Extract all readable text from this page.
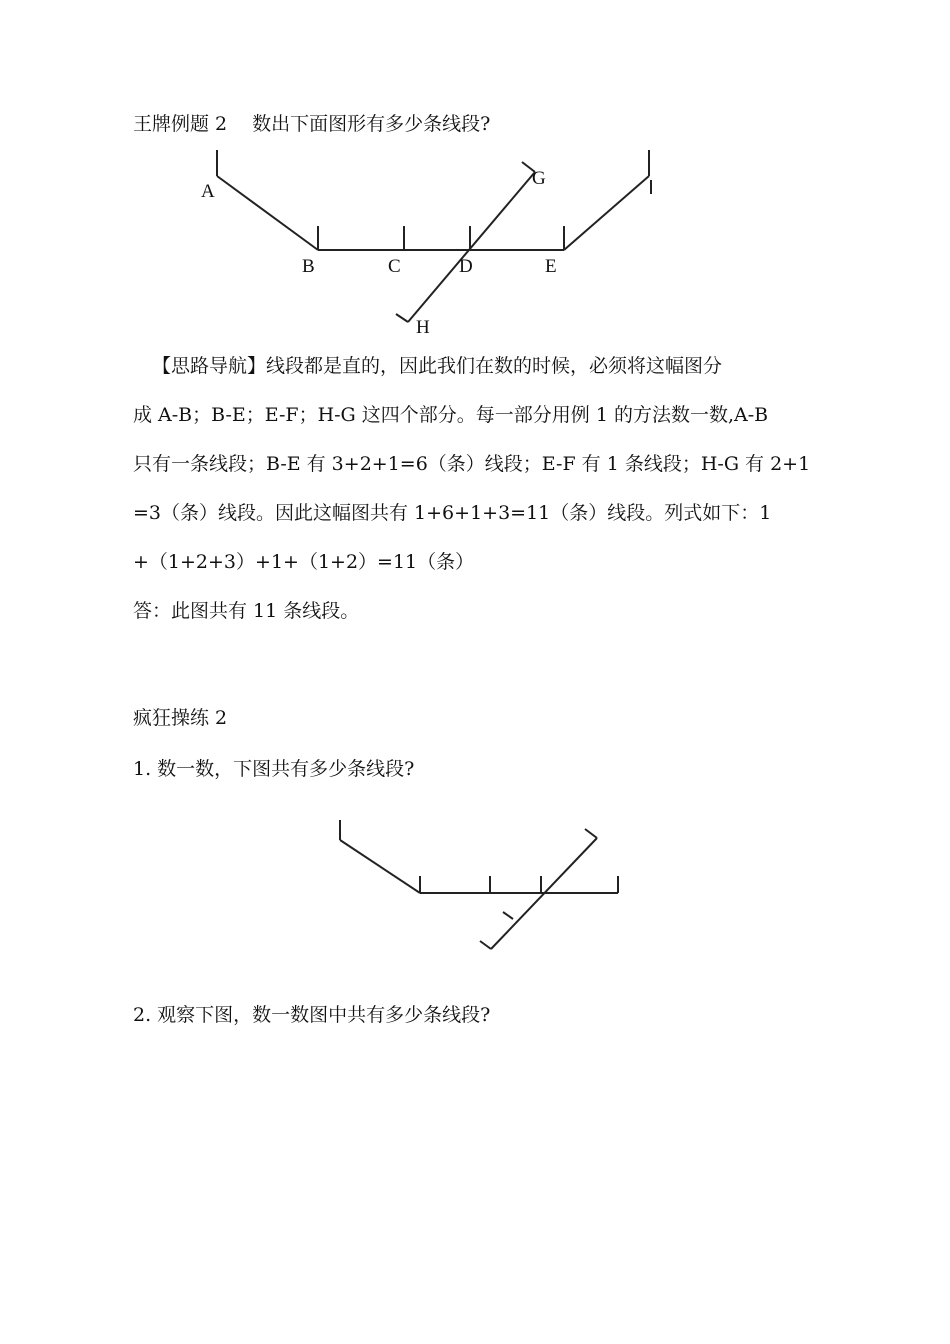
王牌例题 2　 数出下面图形有多少条线段?
A
B	C	D	E
G
H
【思路导航】线段都是直的，因此我们在数的时候，必须将这幅图分
成 A-B；B-E；E-F；H-G 这四个部分。每一部分用例 1 的方法数一数,A-B
只有一条线段；B-E 有 3+2+1=6（条）线段；E-F 有 1 条线段；H-G 有 2+1
=3（条）线段。因此这幅图共有 1+6+1+3=11（条）线段。列式如下：1
+（1+2+3）+1+（1+2）=11（条）
答：此图共有 11 条线段。
疯狂操练 2
1. 数一数，下图共有多少条线段?
2. 观察下图，数一数图中共有多少条线段?
